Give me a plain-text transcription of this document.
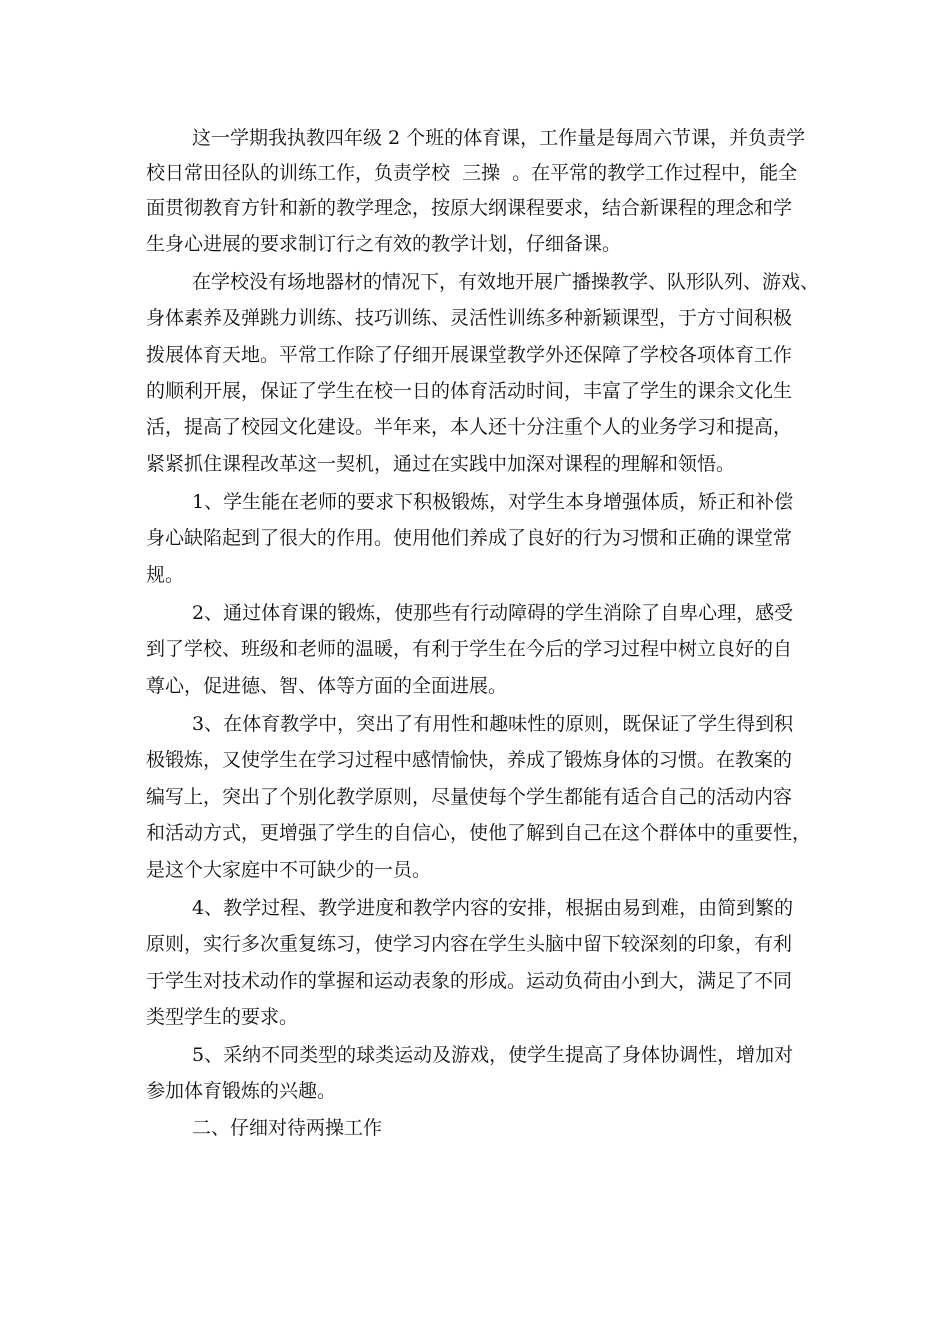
这一学期我执教四年级 2 个班的体育课，工作量是每周六节课，并负责学

校日常田径队的训练工作，负责学校  三操  。在平常的教学工作过程中，能全

面贯彻教育方针和新的教学理念，按原大纲课程要求，结合新课程的理念和学

生身心进展的要求制订行之有效的教学计划，仔细备课。

在学校没有场地器材的情况下，有效地开展广播操教学、队形队列、游戏、

身体素养及弹跳力训练、技巧训练、灵活性训练多种新颖课型，于方寸间积极

拨展体育天地。平常工作除了仔细开展课堂教学外还保障了学校各项体育工作

的顺利开展，保证了学生在校一日的体育活动时间，丰富了学生的课余文化生

活，提高了校园文化建设。半年来，本人还十分注重个人的业务学习和提高，

紧紧抓住课程改革这一契机，通过在实践中加深对课程的理解和领悟。

1、学生能在老师的要求下积极锻炼，对学生本身增强体质，矫正和补偿

身心缺陷起到了很大的作用。使用他们养成了良好的行为习惯和正确的课堂常

规。

2、通过体育课的锻炼，使那些有行动障碍的学生消除了自卑心理，感受

到了学校、班级和老师的温暖，有利于学生在今后的学习过程中树立良好的自

尊心，促进德、智、体等方面的全面进展。

3、在体育教学中，突出了有用性和趣味性的原则，既保证了学生得到积

极锻炼，又使学生在学习过程中感情愉快，养成了锻炼身体的习惯。在教案的

编写上，突出了个别化教学原则，尽量使每个学生都能有适合自己的活动内容

和活动方式，更增强了学生的自信心，使他了解到自己在这个群体中的重要性，

是这个大家庭中不可缺少的一员。

4、教学过程、教学进度和教学内容的安排，根据由易到难，由简到繁的

原则，实行多次重复练习，使学习内容在学生头脑中留下较深刻的印象，有利

于学生对技术动作的掌握和运动表象的形成。运动负荷由小到大，满足了不同

类型学生的要求。

5、采纳不同类型的球类运动及游戏，使学生提高了身体协调性，增加对

参加体育锻炼的兴趣。

二、仔细对待两操工作
